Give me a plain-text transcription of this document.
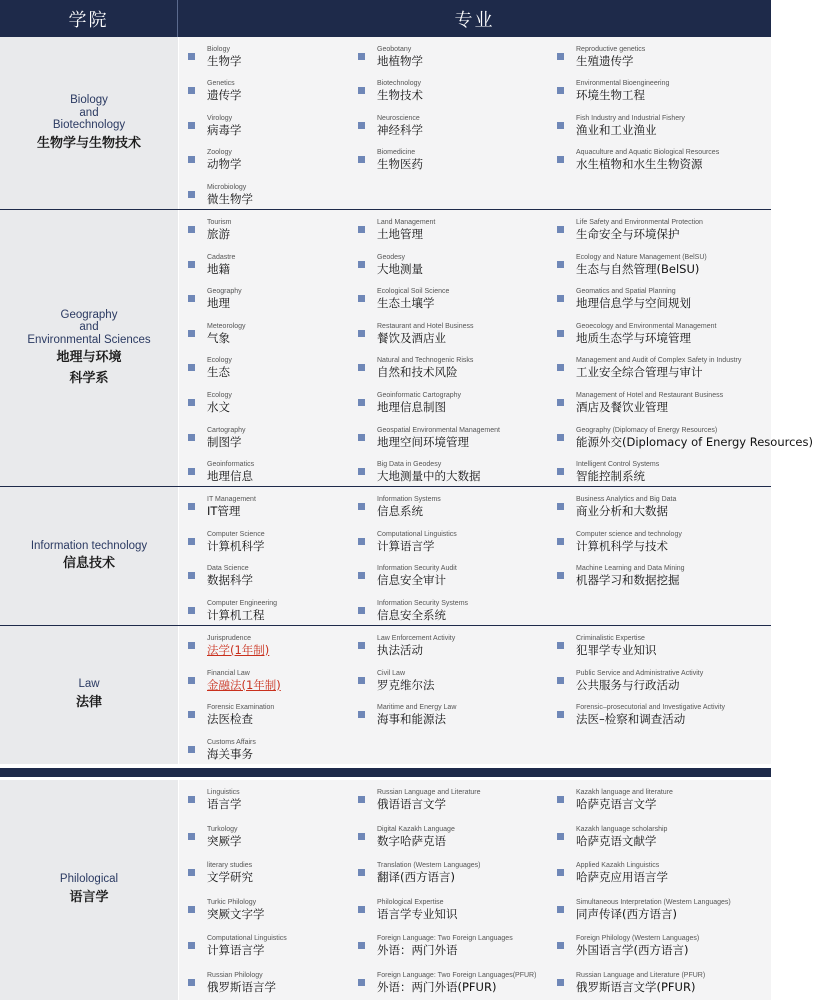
学院	专业
Biology
and
Biotechnology
生物学与生物技术
Biology
生物学
Geobotany
地植物学
Reproductive genetics
生殖遗传学
Genetics
遗传学
Biotechnology
生物技术
Environmental Bioengineering
环境生物工程
Virology
病毒学
Neuroscience
神经科学
Fish Industry and Industrial Fishery
渔业和工业渔业
Zoology
动物学
Biomedicine
生物医药
Aquaculture and Aquatic Biological Resources
水生植物和水生生物资源
Microbiology
微生物学
Geography
and
Environmental Sciences
地理与环境
科学系
Tourism
旅游
Land Management
土地管理
Life Safety and Environmental Protection
生命安全与环境保护
Cadastre
地籍
Geodesy
大地测量
Ecology and Nature Management (BelSU)
生态与自然管理(BelSU)
Geography
地理
Ecological Soil Science
生态土壤学
Geomatics and Spatial Planning
地理信息学与空间规划
Meteorology
气象
Restaurant and Hotel Business
餐饮及酒店业
Geoecology and Environmental Management
地质生态学与环境管理
Ecology
生态
Natural and Technogenic Risks
自然和技术风险
Management and Audit of Complex Safety in Industry
工业安全综合管理与审计
Ecology
水文
Geoinformatic Cartography
地理信息制图
Management of Hotel and Restaurant Business
酒店及餐饮业管理
Cartography
制图学
Geospatial Environmental Management
地理空间环境管理
Geography (Diplomacy of Energy Resources)
能源外交(Diplomacy of Energy Resources)
Geoinformatics
地理信息
Big Data in Geodesy
大地测量中的大数据
Intelligent Control Systems
智能控制系统
Information technology
信息技术
IT Management
IT管理
Information Systems
信息系统
Business Analytics and Big Data
商业分析和大数据
Computer Science
计算机科学
Computational Linguistics
计算语言学
Computer science and technology
计算机科学与技术
Data Science
数据科学
Information Security Audit
信息安全审计
Machine Learning and Data Mining
机器学习和数据挖掘
Computer Engineering
计算机工程
Information Security Systems
信息安全系统
Law
法律
Jurisprudence
法学(1年制)
Law Enforcement Activity
执法活动
Criminalistic Expertise
犯罪学专业知识
Financial Law
金融法(1年制)
Civil Law
罗克维尔法
Public Service and Administrative Activity
公共服务与行政活动
Forensic Examination
法医检查
Maritime and Energy Law
海事和能源法
Forensic–prosecutorial and Investigative Activity
法医–检察和调查活动
Customs Affairs
海关事务
Philological
语言学
Linguistics
语言学
Russian Language and Literature
俄语语言文学
Kazakh language and literature
哈萨克语言文学
Turkology
突厥学
Digital Kazakh Language
数字哈萨克语
Kazakh language scholarship
哈萨克语文献学
literary studies
文学研究
Translation (Western Languages)
翻译(西方语言)
Applied Kazakh Linguistics
哈萨克应用语言学
Turkic Philology
突厥文字学
Philological Expertise
语言学专业知识
Simultaneous Interpretation (Western Languages)
同声传译(西方语言)
Computational Linguistics
计算语言学
Foreign Language: Two Foreign Languages
外语：两门外语
Foreign Philology (Western Languages)
外国语言学(西方语言)
Russian Philology
俄罗斯语言学
Foreign Language: Two Foreign Languages(PFUR)
外语：两门外语(PFUR)
Russian Language and Literature (PFUR)
俄罗斯语言文学(PFUR)
